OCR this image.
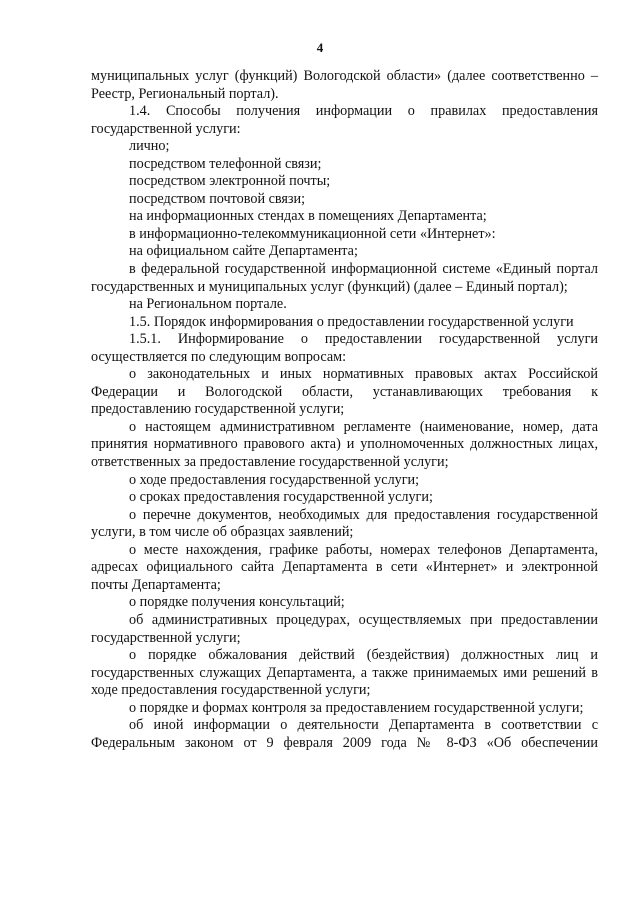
4

муниципальных услуг (функций) Вологодской области» (далее соответственно – Реестр, Региональный портал).

1.4. Способы получения информации о правилах предоставления государственной услуги:

лично;

посредством телефонной связи;

посредством электронной почты;

посредством почтовой связи;

на информационных стендах в помещениях Департамента;

в информационно-телекоммуникационной сети «Интернет»:

на официальном сайте Департамента;

в федеральной государственной информационной системе «Единый портал государственных и муниципальных услуг (функций) (далее – Единый портал);

на Региональном портале.

1.5. Порядок информирования о предоставлении государственной услуги

1.5.1. Информирование о предоставлении государственной услуги осуществляется по следующим вопросам:

о законодательных и иных нормативных правовых актах Российской Федерации и Вологодской области, устанавливающих требования к предоставлению государственной услуги;

о настоящем административном регламенте (наименование, номер, дата принятия нормативного правового акта) и уполномоченных должностных лицах, ответственных за предоставление государственной услуги;

о ходе предоставления государственной услуги;

о сроках предоставления государственной услуги;

о перечне документов, необходимых для предоставления государственной услуги, в том числе об образцах заявлений;

о месте нахождения, графике работы, номерах телефонов Департамента, адресах официального сайта Департамента в сети «Интернет» и электронной почты Департамента;

о порядке получения консультаций;

об административных процедурах, осуществляемых при предоставлении государственной услуги;

о порядке обжалования действий (бездействия) должностных лиц и государственных служащих Департамента, а также принимаемых ими решений в ходе предоставления государственной услуги;

о порядке и формах контроля за предоставлением государственной услуги;

об иной информации о деятельности Департамента в соответствии с Федеральным законом от 9 февраля 2009 года № 8-ФЗ «Об обеспечении
